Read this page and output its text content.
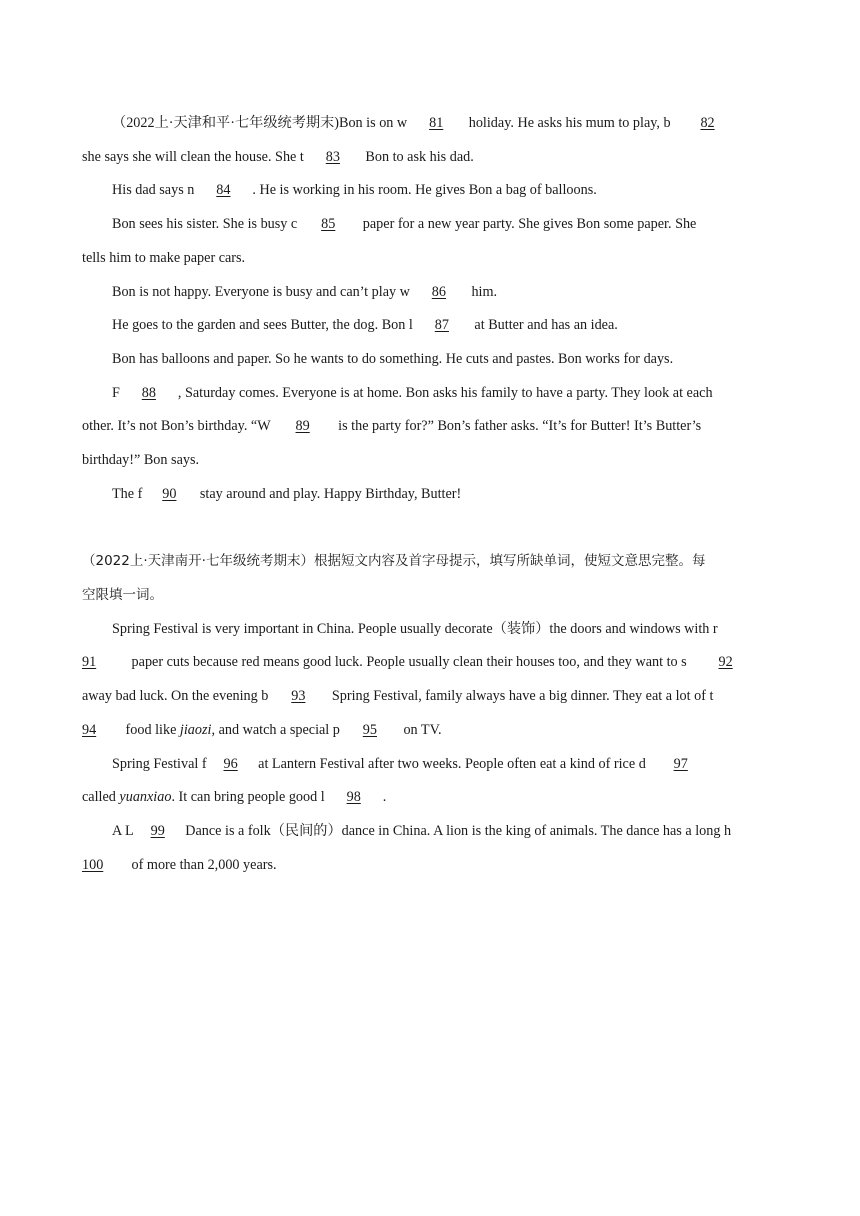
（2022上·天津和平·七年级统考期末)Bon is on w 81 holiday. He asks his mum to play, b 82
she says she will clean the house. She t 83 Bon to ask his dad.
His dad says n 84 . He is working in his room. He gives Bon a bag of balloons.
Bon sees his sister. She is busy c 85 paper for a new year party. She gives Bon some paper. She
tells him to make paper cars.
Bon is not happy. Everyone is busy and can’t play w 86 him.
He goes to the garden and sees Butter, the dog. Bon l 87 at Butter and has an idea.
Bon has balloons and paper. So he wants to do something. He cuts and pastes. Bon works for days.
F 88 , Saturday comes. Everyone is at home. Bon asks his family to have a party. They look at each
other. It’s not Bon’s birthday. “W 89 is the party for?” Bon’s father asks. “It’s for Butter! It’s Butter’s
birthday!” Bon says.
The f 90 stay around and play. Happy Birthday, Butter!
（2022上·天津南开·七年级统考期末）根据短文内容及首字母提示，填写所缺单词，使短文意思完整。每
空限填一词。
Spring Festival is very important in China. People usually decorate（装饰）the doors and windows with r
91 paper cuts because red means good luck. People usually clean their houses too, and they want to s 92
away bad luck. On the evening b 93 Spring Festival, family always have a big dinner. They eat a lot of t
94 food like jiaozi, and watch a special p 95 on TV.
Spring Festival f 96 at Lantern Festival after two weeks. People often eat a kind of rice d 97
called yuanxiao. It can bring people good l 98 .
A L 99 Dance is a folk（民间的）dance in China. A lion is the king of animals. The dance has a long h
100 of more than 2,000 years.
